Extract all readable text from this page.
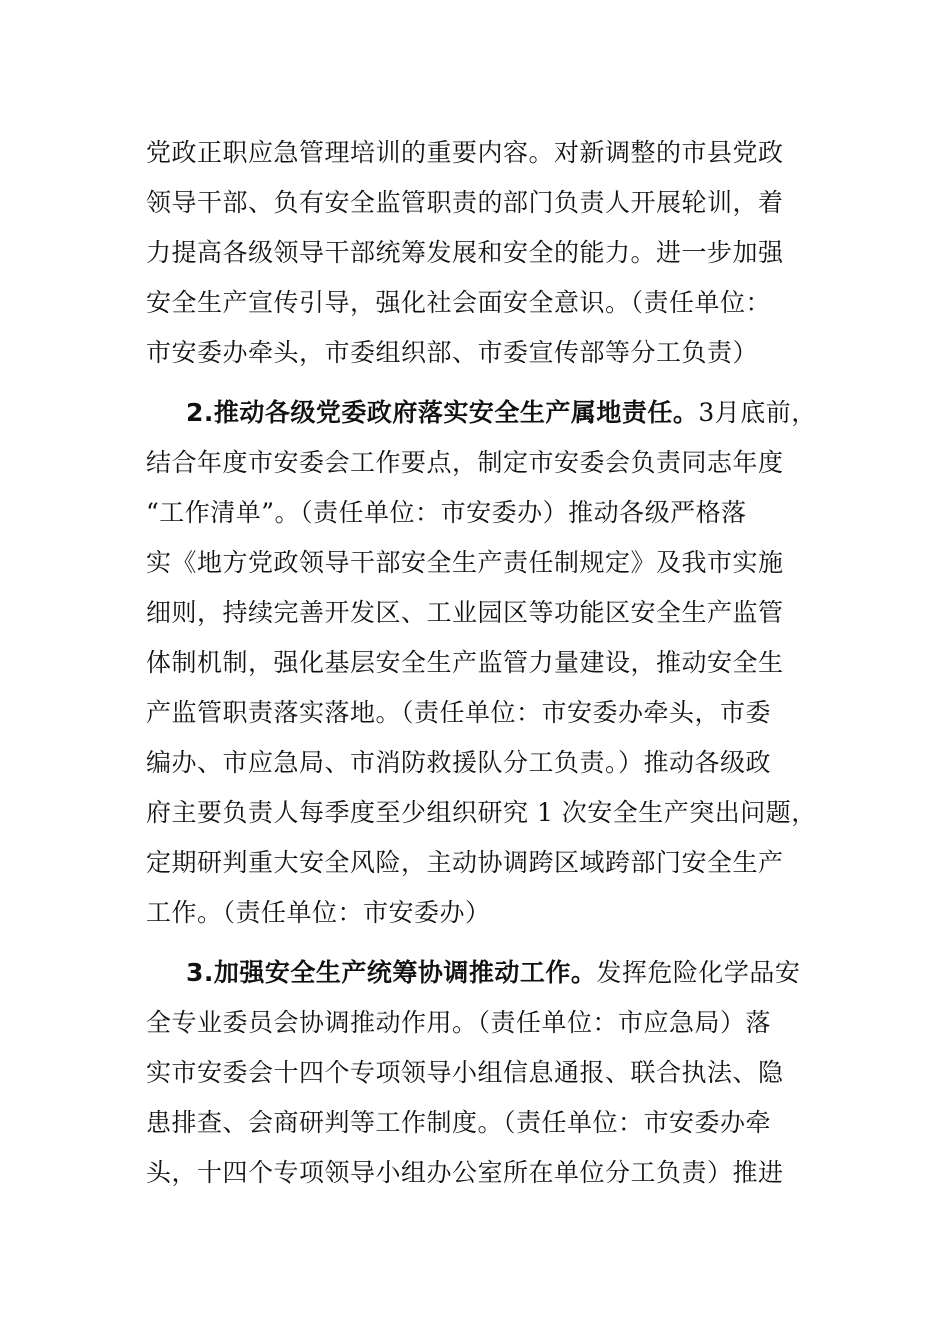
党政正职应急管理培训的重要内容。对新调整的市县党政
领导干部、负有安全监管职责的部门负责人开展轮训，着
力提高各级领导干部统筹发展和安全的能力。进一步加强
安全生产宣传引导，强化社会面安全意识。（责任单位：
市安委办牵头，市委组织部、市委宣传部等分工负责）
2.推动各级党委政府落实安全生产属地责任。3月底前，
结合年度市安委会工作要点，制定市安委会负责同志年度
“工作清单”。（责任单位：市安委办）推动各级严格落
实《地方党政领导干部安全生产责任制规定》及我市实施
细则，持续完善开发区、工业园区等功能区安全生产监管
体制机制，强化基层安全生产监管力量建设，推动安全生
产监管职责落实落地。（责任单位：市安委办牵头，市委
编办、市应急局、市消防救援队分工负责。）推动各级政
府主要负责人每季度至少组织研究 1 次安全生产突出问题，
定期研判重大安全风险，主动协调跨区域跨部门安全生产
工作。（责任单位：市安委办）
3.加强安全生产统筹协调推动工作。发挥危险化学品安
全专业委员会协调推动作用。（责任单位：市应急局）落
实市安委会十四个专项领导小组信息通报、联合执法、隐
患排查、会商研判等工作制度。（责任单位：市安委办牵
头，十四个专项领导小组办公室所在单位分工负责）推进
